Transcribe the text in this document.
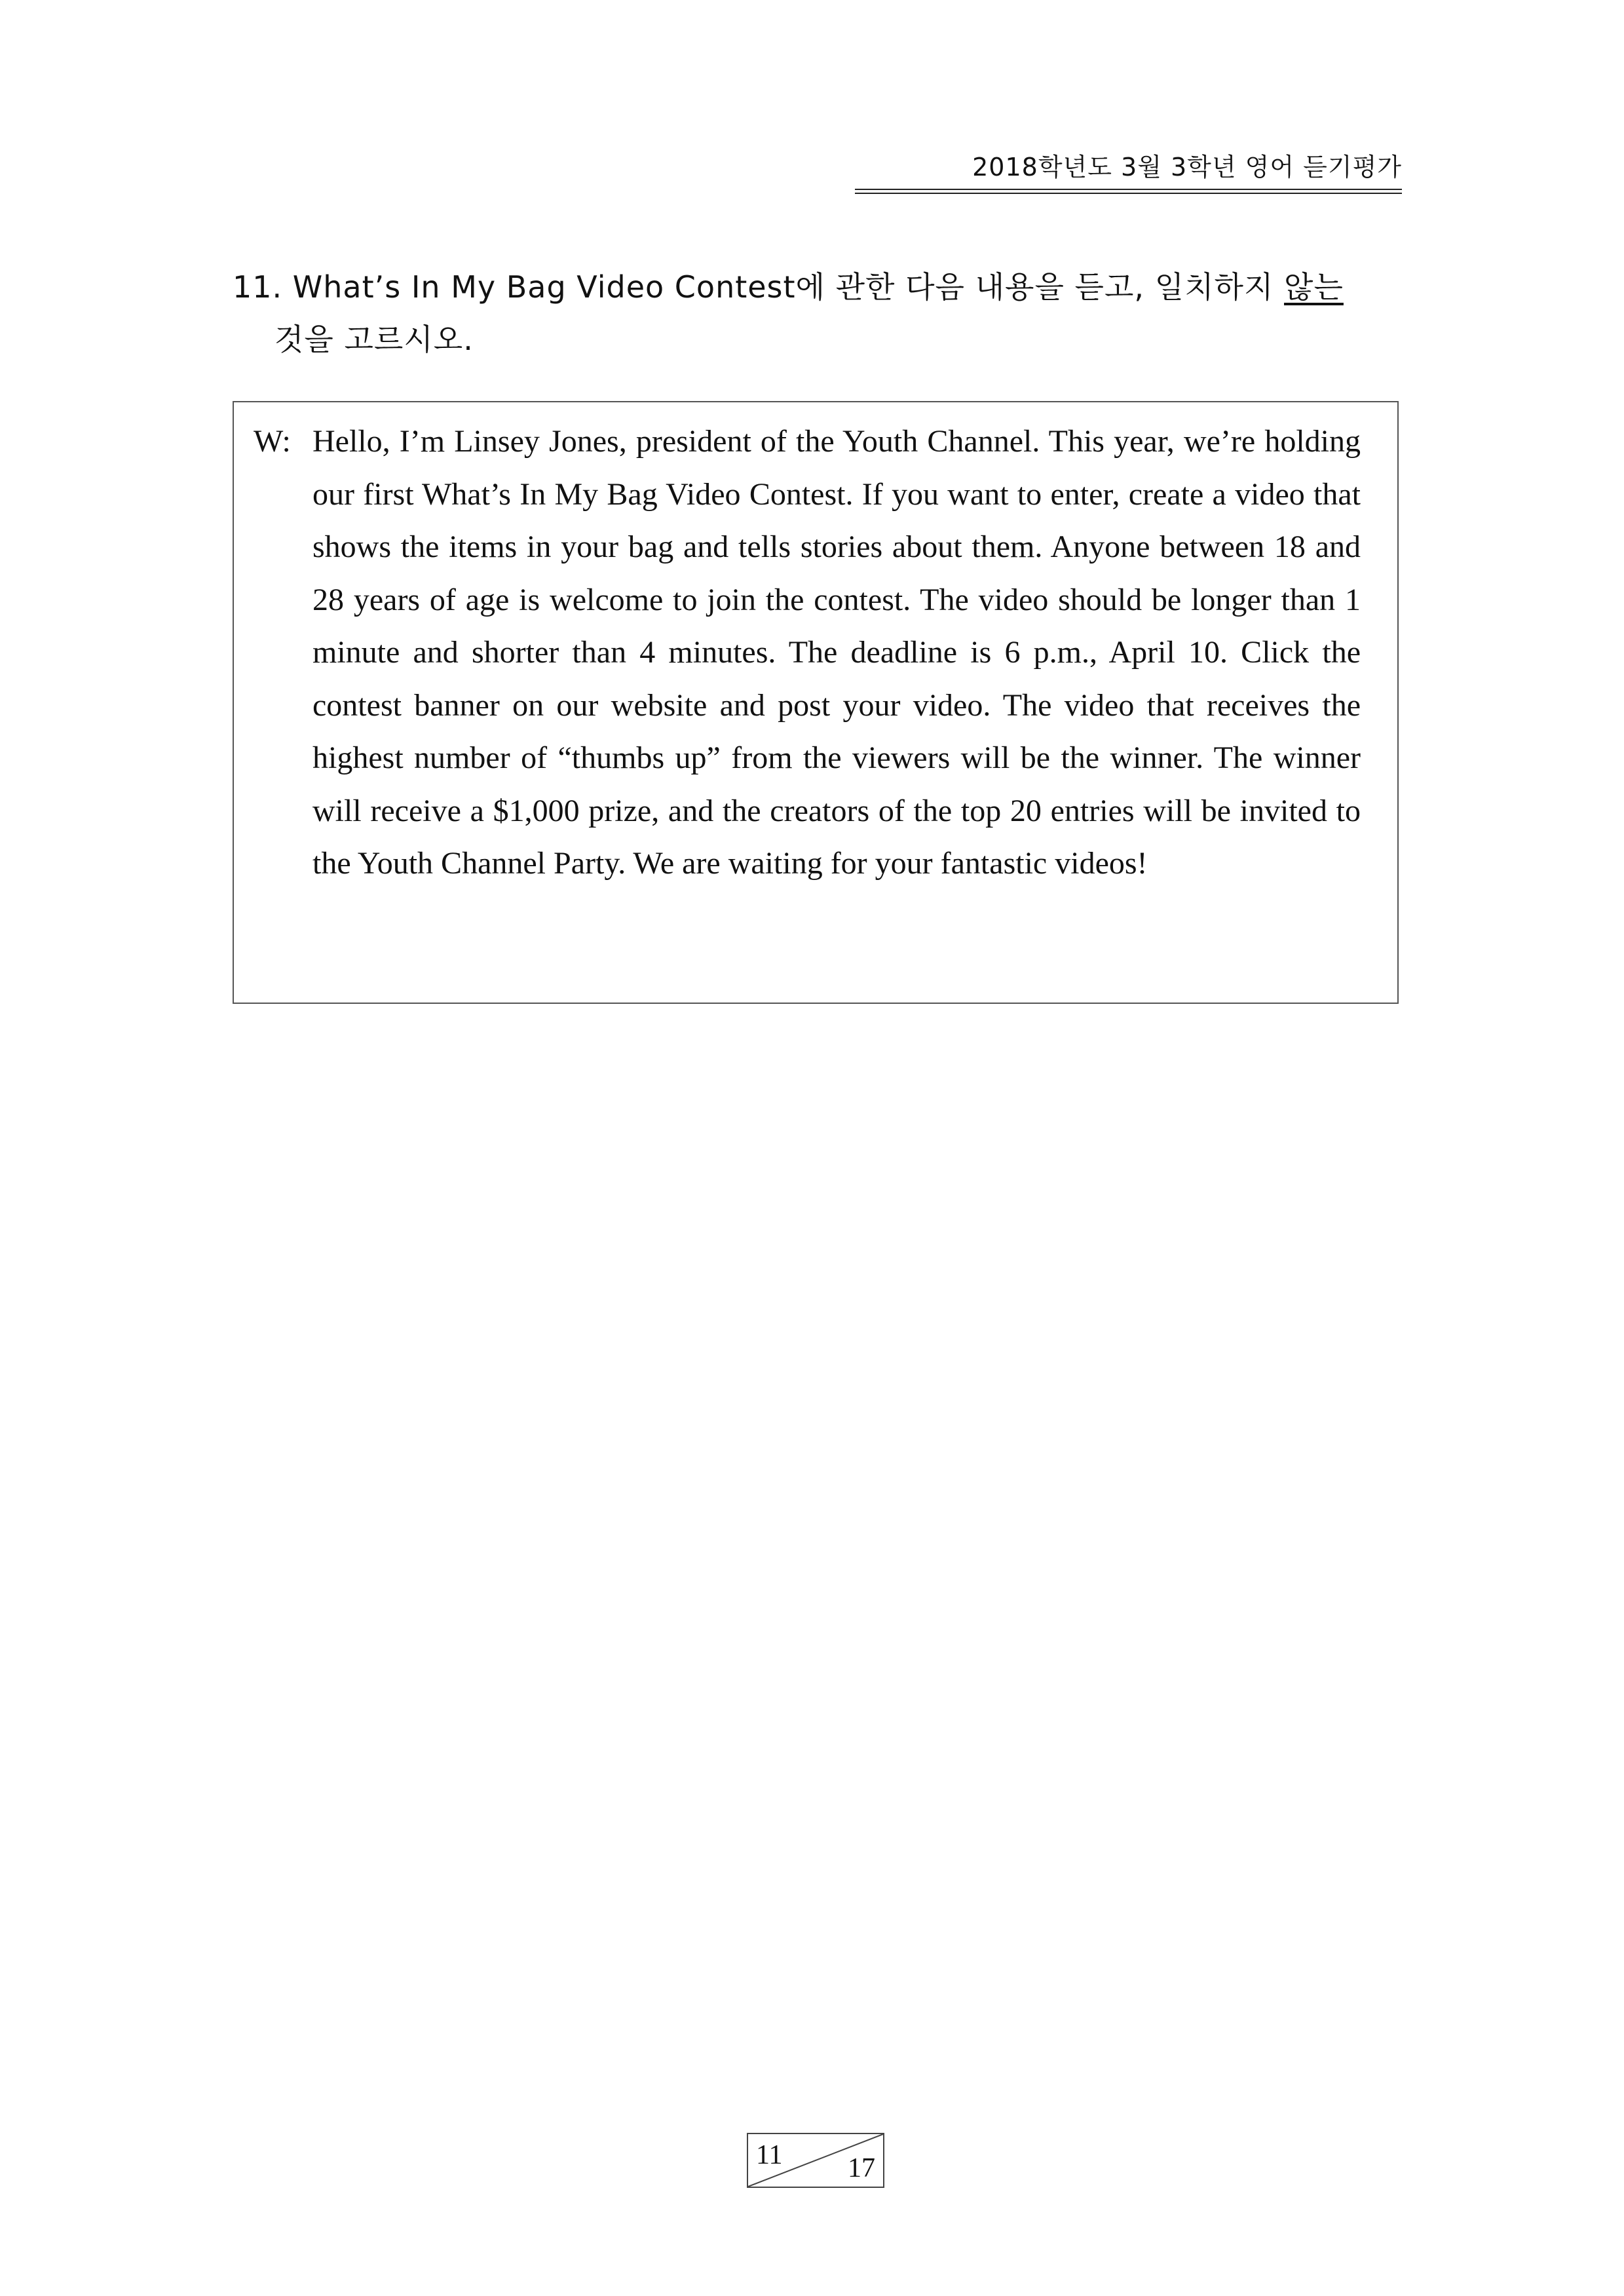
2018학년도 3월 3학년 영어 듣기평가
11. What’s In My Bag Video Contest에 관한 다음 내용을 듣고, 일치하지 않는
것을 고르시오.
W: Hello, I’m Linsey Jones, president of the Youth Channel. This year, we’re holding our first What’s In My Bag Video Contest. If you want to enter, create a video that shows the items in your bag and tells stories about them. Anyone between 18 and 28 years of age is welcome to join the contest. The video should be longer than 1 minute and shorter than 4 minutes. The deadline is 6 p.m., April 10. Click the contest banner on our website and post your video. The video that receives the highest number of “thumbs up” from the viewers will be the winner. The winner will receive a $1,000 prize, and the creators of the top 20 entries will be invited to the Youth Channel Party. We are waiting for your fantastic videos!
11 17
